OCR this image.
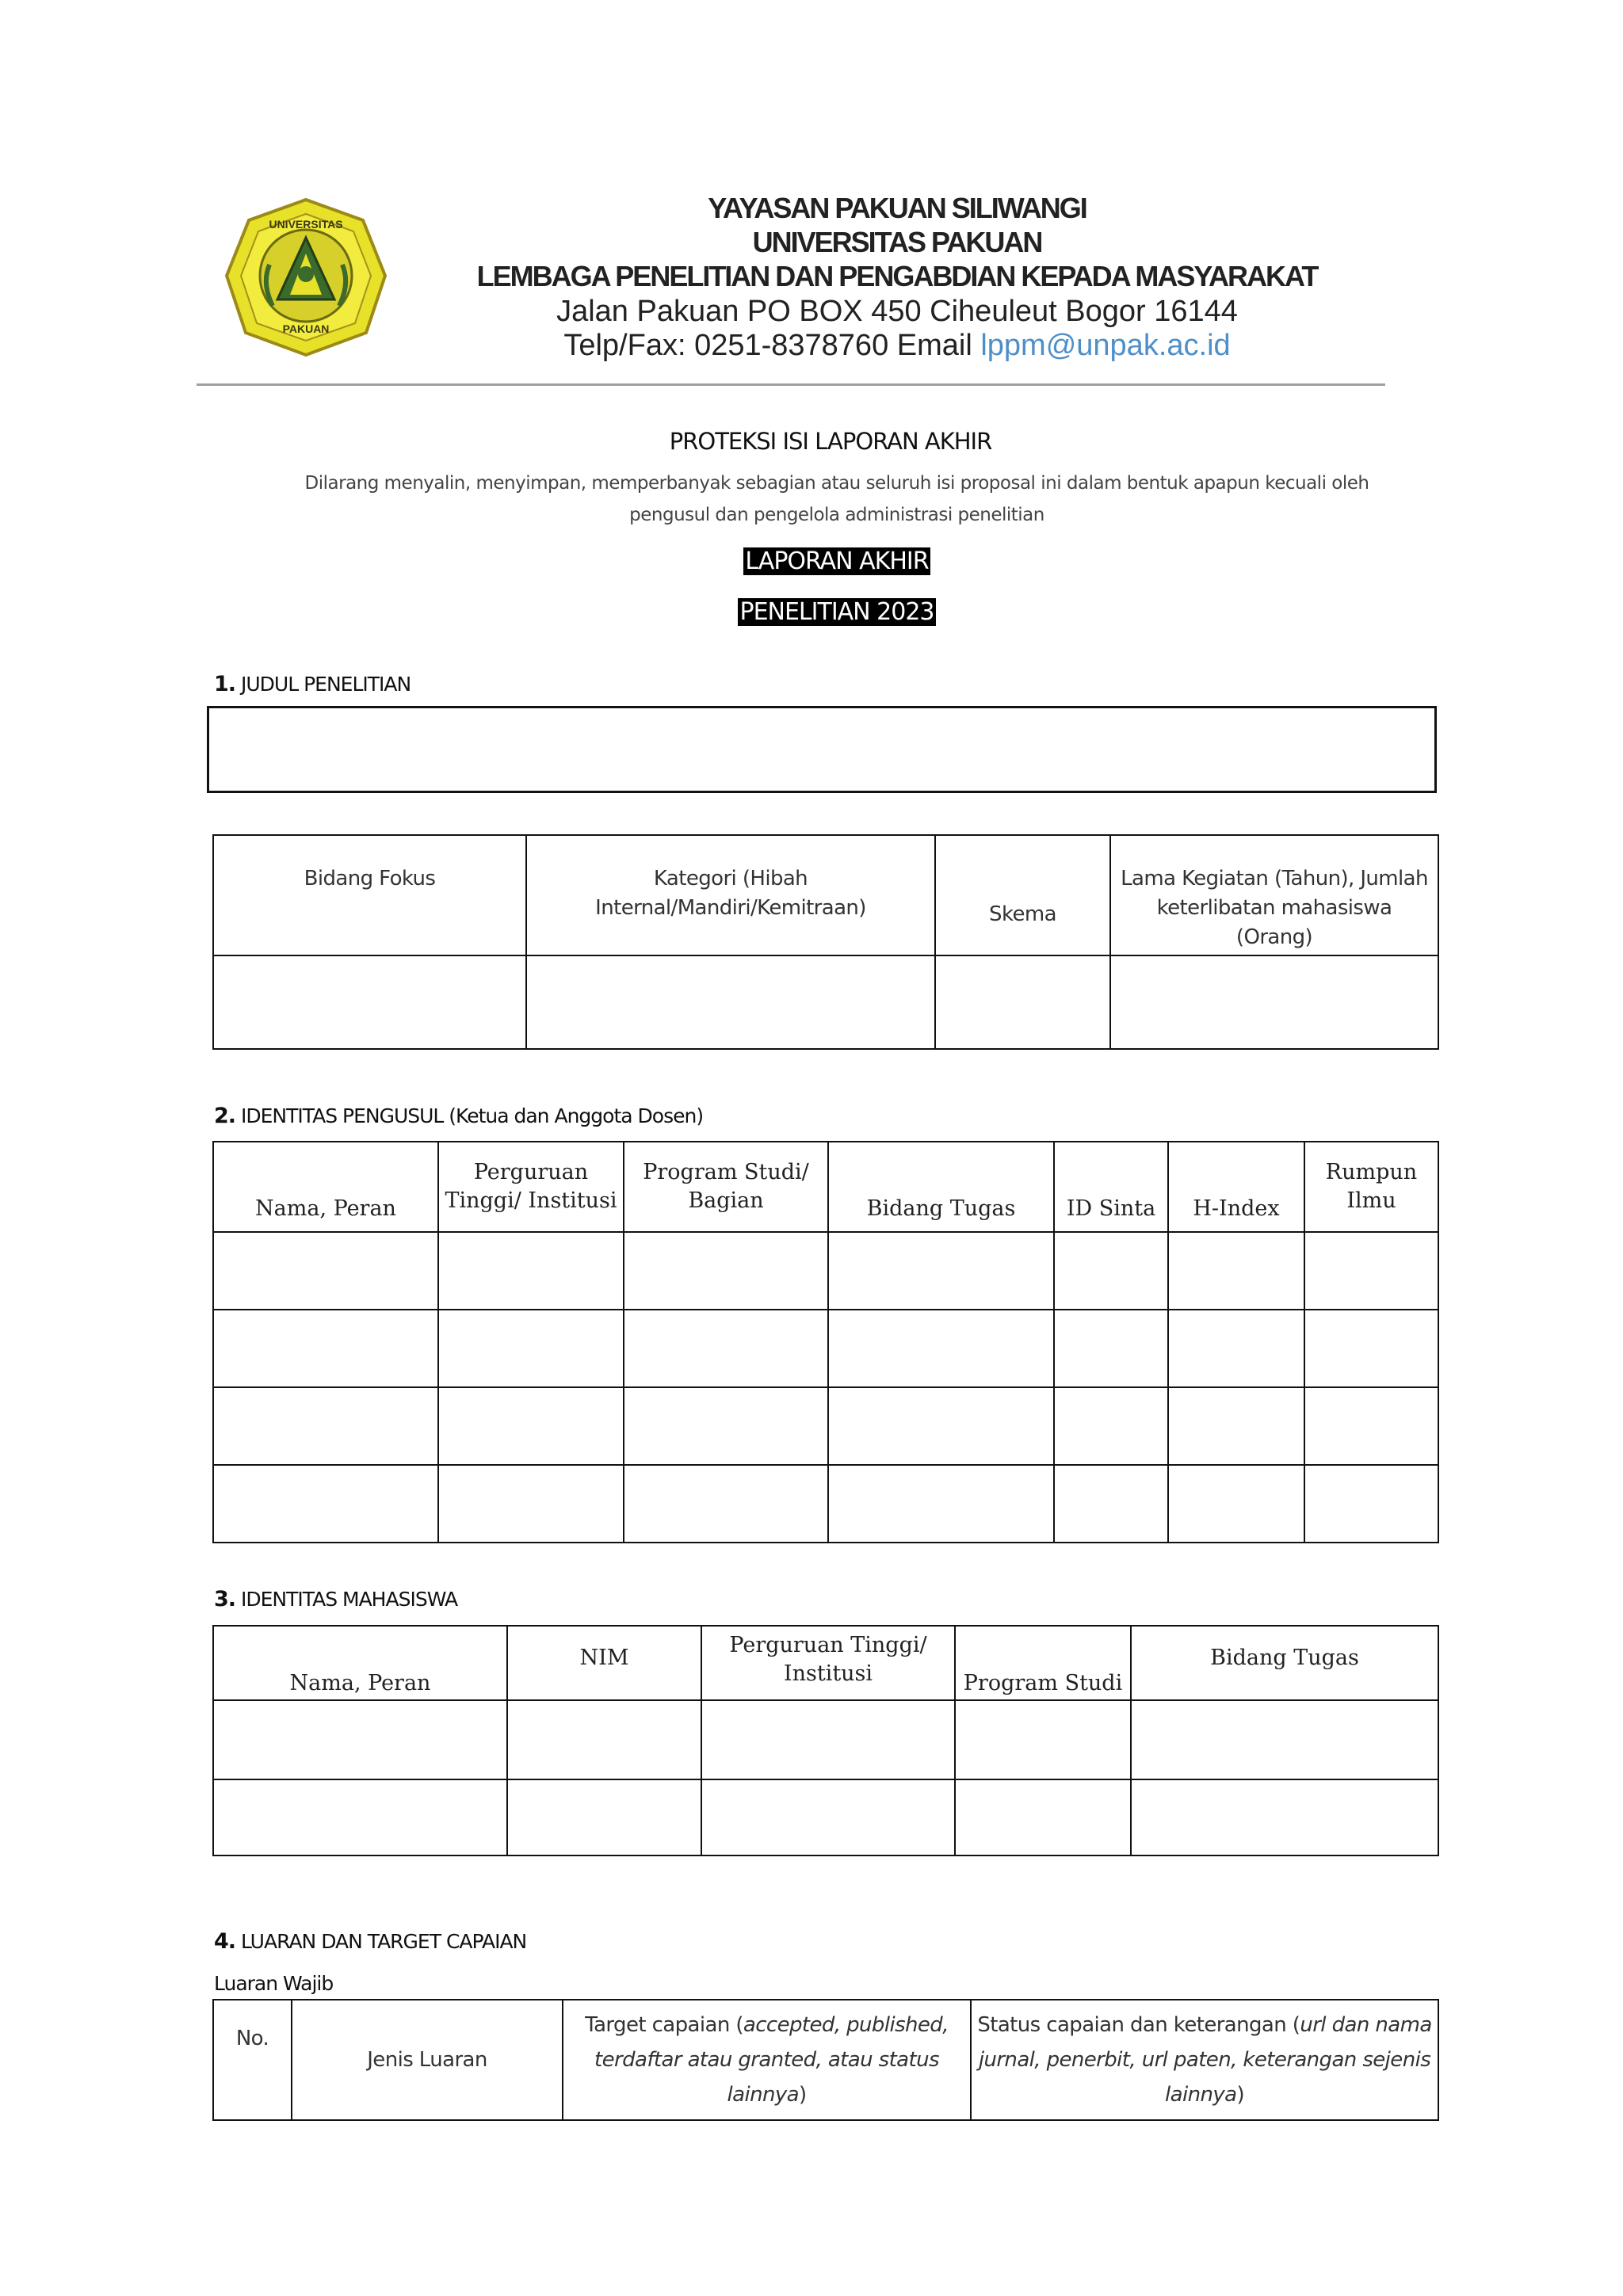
UNIVERSITAS
PAKUAN
YAYASAN PAKUAN SILIWANGI
UNIVERSITAS PAKUAN
LEMBAGA PENELITIAN DAN PENGABDIAN KEPADA MASYARAKAT
Jalan Pakuan PO BOX 450 Ciheuleut Bogor 16144
Telp/Fax: 0251-8378760 Email lppm@unpak.ac.id
PROTEKSI ISI LAPORAN AKHIR
Dilarang menyalin, menyimpan, memperbanyak sebagian atau seluruh isi proposal ini dalam bentuk apapun kecuali oleh pengusul dan pengelola administrasi penelitian
LAPORAN AKHIR
PENELITIAN 2023
1. JUDUL PENELITIAN
Bidang Fokus	Kategori (Hibah Internal/Mandiri/Kemitraan)	Skema	Lama Kegiatan (Tahun), Jumlah keterlibatan mahasiswa (Orang)

2. IDENTITAS PENGUSUL (Ketua dan Anggota Dosen)
Nama, Peran	Perguruan Tinggi/ Institusi	Program Studi/ Bagian	Bidang Tugas	ID Sinta	H-Index	Rumpun Ilmu

3. IDENTITAS MAHASISWA
Nama, Peran	NIM	Perguruan Tinggi/ Institusi	Program Studi	Bidang Tugas

4. LUARAN DAN TARGET CAPAIAN
Luaran Wajib
No.	Jenis Luaran	Target capaian (accepted, published, terdaftar atau granted, atau status lainnya)	Status capaian dan keterangan (url dan nama jurnal, penerbit, url paten, keterangan sejenis lainnya)
